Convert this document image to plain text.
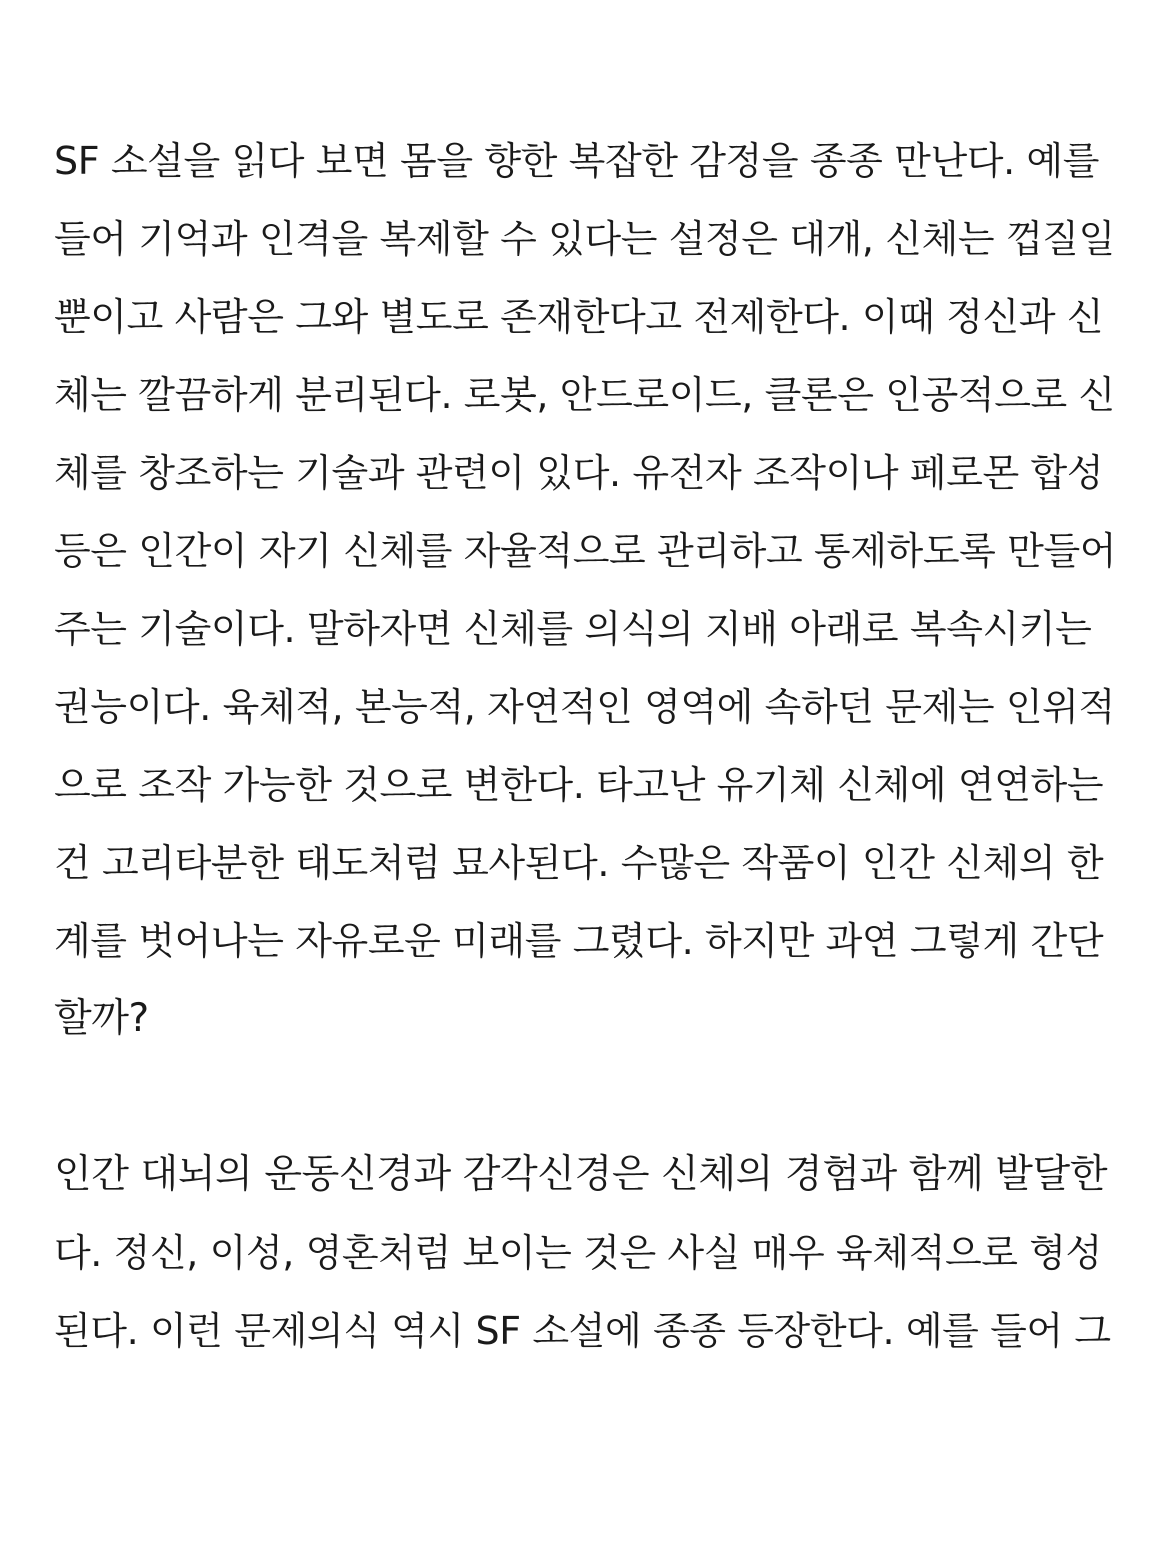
SF 소설을 읽다 보면 몸을 향한 복잡한 감정을 종종 만난다. 예를
들어 기억과 인격을 복제할 수 있다는 설정은 대개, 신체는 껍질일
뿐이고 사람은 그와 별도로 존재한다고 전제한다. 이때 정신과 신
체는 깔끔하게 분리된다. 로봇, 안드로이드, 클론은 인공적으로 신
체를 창조하는 기술과 관련이 있다. 유전자 조작이나 페로몬 합성
등은 인간이 자기 신체를 자율적으로 관리하고 통제하도록 만들어
주는 기술이다. 말하자면 신체를 의식의 지배 아래로 복속시키는
권능이다. 육체적, 본능적, 자연적인 영역에 속하던 문제는 인위적
으로 조작 가능한 것으로 변한다. 타고난 유기체 신체에 연연하는
건 고리타분한 태도처럼 묘사된다. 수많은 작품이 인간 신체의 한
계를 벗어나는 자유로운 미래를 그렸다. 하지만 과연 그렇게 간단
할까?

인간 대뇌의 운동신경과 감각신경은 신체의 경험과 함께 발달한
다. 정신, 이성, 영혼처럼 보이는 것은 사실 매우 육체적으로 형성
된다. 이런 문제의식 역시 SF 소설에 종종 등장한다. 예를 들어 그
